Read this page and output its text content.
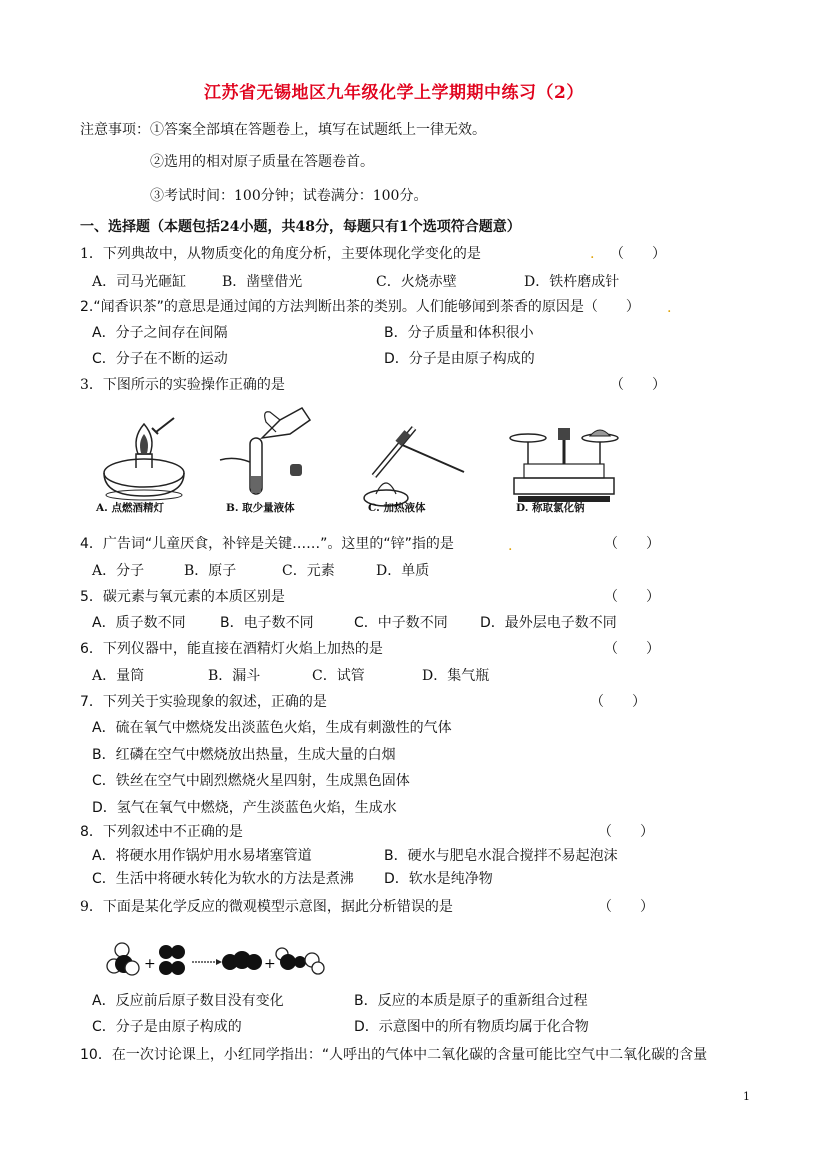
江苏省无锡地区九年级化学上学期期中练习（2）
注意事项： ①答案全部填在答题卷上，填写在试题纸上一律无效。
②选用的相对原子质量在答题卷首。
③考试时间：100分钟；试卷满分：100分。
一、选择题（本题包括24小题，共48分，每题只有1个选项符合题意）
1．下列典故中，从物质变化的角度分析，主要体现化学变化的是	. （　　）
A．司马光砸缸	B．凿壁借光	C．火烧赤壁	D．铁杵磨成针
2.“闻香识茶”的意思是通过闻的方法判断出茶的类别。人们能够闻到茶香的原因是（　　） .
A．分子之间存在间隔	B．分子质量和体积很小
C．分子在不断的运动	D．分子是由原子构成的
3．下图所示的实验操作正确的是	（　　）
A. 点燃酒精灯	B. 取少量液体	C. 加热液体	D. 称取氯化钠
4．广告词“儿童厌食，补锌是关键……”。这里的“锌”指的是	.	（　　）
A．分子	B．原子	C．元素	D．单质
5．碳元素与氧元素的本质区别是	（　　）
A．质子数不同 B．电子数不同	C．中子数不同 D．最外层电子数不同
6．下列仪器中，能直接在酒精灯火焰上加热的是	（　　）
A．量筒	B．漏斗	C．试管	D．集气瓶
7．下列关于实验现象的叙述，正确的是	（　　）
A．硫在氧气中燃烧发出淡蓝色火焰，生成有刺激性的气体
B．红磷在空气中燃烧放出热量，生成大量的白烟
C．铁丝在空气中剧烈燃烧火星四射，生成黑色固体
D．氢气在氧气中燃烧，产生淡蓝色火焰，生成水
8．下列叙述中不正确的是	（　　）
A．将硬水用作锅炉用水易堵塞管道	B．硬水与肥皂水混合搅拌不易起泡沫
C．生活中将硬水转化为软水的方法是煮沸 D．软水是纯净物
9．下面是某化学反应的微观模型示意图，据此分析错误的是	（　　）
+	+
A．反应前后原子数目没有变化	B．反应的本质是原子的重新组合过程
C．分子是由原子构成的	D．示意图中的所有物质均属于化合物
10．在一次讨论课上，小红同学指出：“人呼出的气体中二氧化碳的含量可能比空气中二氧化碳的含量
1
